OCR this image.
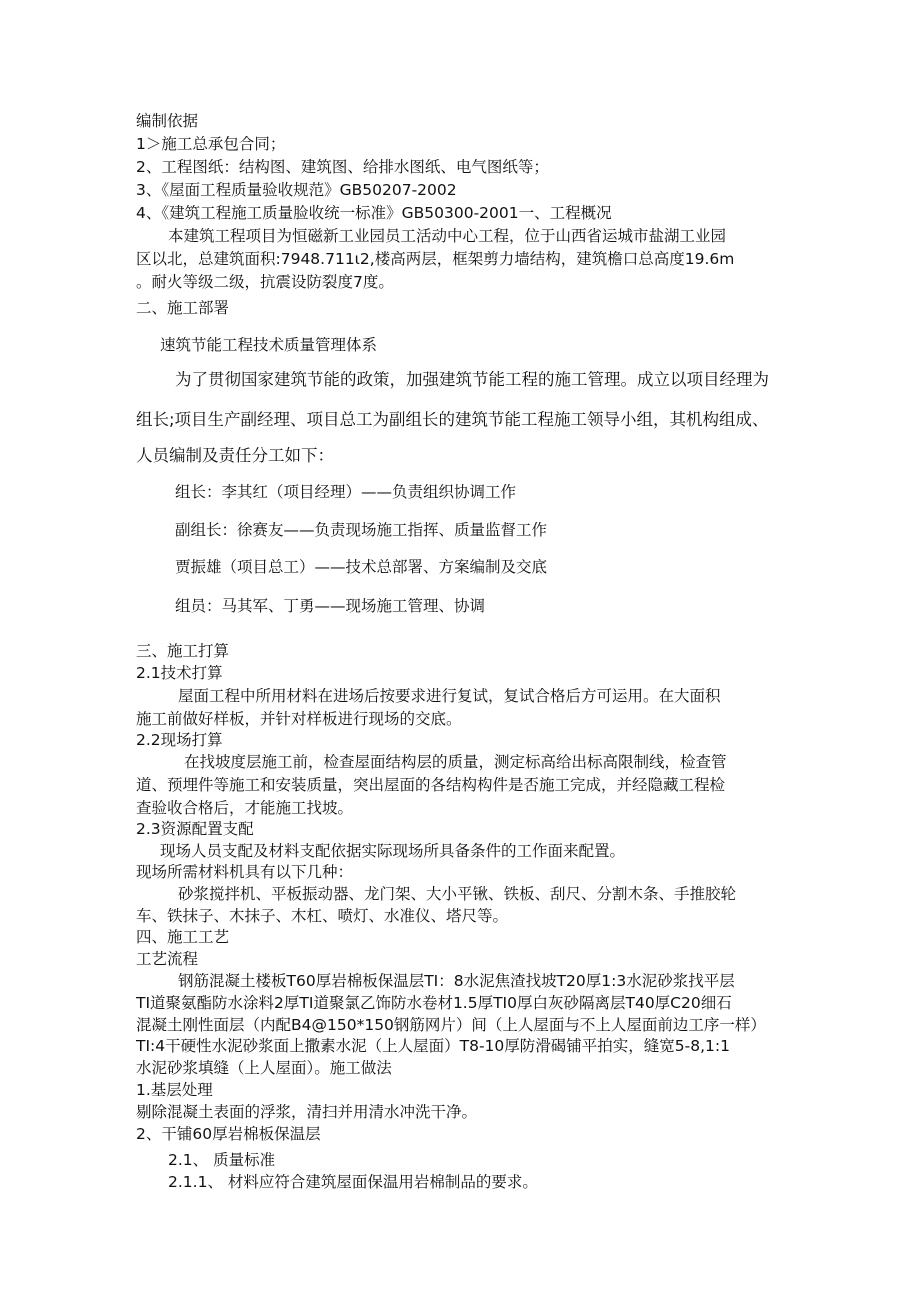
编制依据
1＞施工总承包合同；
2、工程图纸：结构图、建筑图、给排水图纸、电气图纸等；
3、《屋面工程质量验收规范》GB50207-2002
4、《建筑工程施工质量脸收统一标准》GB50300-2001一、工程概况
本建筑工程项目为恒磁新工业园员工活动中心工程，位于山西省运城市盐湖工业园
区以北，总建筑面积:7948.711ι2,楼高两层，框架剪力墙结构，建筑檐口总高度19.6m
。耐火等级二级，抗震设防裂度7度。
二、施工部署
速筑节能工程技术质量管理体系
为了贯彻国家建筑节能的政策，加强建筑节能工程的施工管理。成立以项目经理为
组长;项目生产副经理、项目总工为副组长的建筑节能工程施工领导小组，其机构组成、
人员编制及责任分工如下：
组长：李其红（项目经理）——负责组织协调工作
副组长：徐赛友——负责现场施工指挥、质量监督工作
贾振雄（项目总工）——技术总部署、方案编制及交底
组员：马其军、丁勇——现场施工管理、协调
三、施工打算
2.1技术打算
屋面工程中所用材料在进场后按要求进行复试，复试合格后方可运用。在大面积
施工前做好样板，并针对样板进行现场的交底。
2.2现场打算
在找坡度层施工前，检查屋面结构层的质量，测定标高给出标高限制线，检查管
道、预埋件等施工和安装质量，突出屋面的各结构构件是否施工完成，并经隐藏工程检
查验收合格后，才能施工找坡。
2.3资源配置支配
现场人员支配及材料支配依据实际现场所具备条件的工作面来配置。
现场所需材料机具有以下几种：
砂浆搅拌机、平板振动器、龙门架、大小平锹、铁板、刮尺、分割木条、手推胶轮
车、铁抹子、木抹子、木杠、喷灯、水准仪、塔尺等。
四、施工工艺
工艺流程
钢筋混凝土楼板T60厚岩棉板保温层TI：8水泥焦渣找坡T20厚1:3水泥砂浆找平层
TI道聚氨酯防水涂料2厚TI道聚氯乙饰防水卷材1.5厚TI0厚白灰砂隔离层T40厚C20细石
混凝土刚性面层（内配B4@150*150钢筋网片）间（上人屋面与不上人屋面前边工序一样）
TI:4干硬性水泥砂浆面上撒素水泥（上人屋面）T8-10厚防滑碣铺平拍实，缝宽5-8,1:1
水泥砂浆填缝（上人屋面）。施工做法
1.基层处理
剔除混凝土表面的浮浆，清扫并用清水冲洗干净。
2、干铺60厚岩棉板保温层
2.1、 质量标准
2.1.1、 材料应符合建筑屋面保温用岩棉制品的要求。
